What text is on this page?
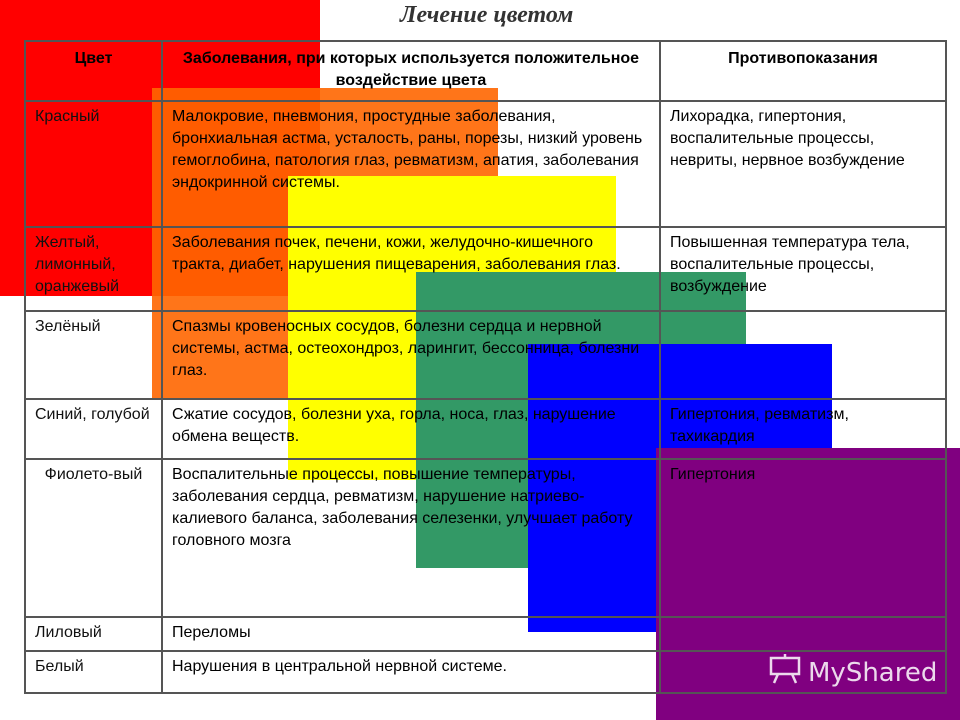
Лечение цветом
Цвет	Заболевания, при которых используется положительное воздействие цвета	Противопоказания
Красный	Малокровие, пневмония, простудные заболевания, бронхиальная астма, усталость, раны, порезы, низкий уровень гемоглобина, патология глаз, ревматизм, апатия, заболевания эндокринной системы.	Лихорадка, гипертония, воспалительные процессы, невриты, нервное возбуждение
Желтый, лимонный, оранжевый	Заболевания почек, печени, кожи, желудочно-кишечного тракта, диабет, нарушения пищеварения, заболевания глаз.	Повышенная температура тела, воспалительные процессы, возбуждение
Зелёный	Спазмы кровеносных сосудов, болезни сердца и нервной системы, астма, остеохондроз, ларингит, бессонница, болезни глаз.	
Синий, голубой	Сжатие сосудов, болезни уха, горла, носа, глаз, нарушение обмена веществ.	Гипертония, ревматизм, тахикардия
Фиолето-вый	Воспалительные процессы, повышение температуры, заболевания сердца, ревматизм, нарушение натриево-калиевого баланса, заболевания селезенки, улучшает работу головного мозга	Гипертония
Лиловый	Переломы	
Белый	Нарушения в центральной нервной системе.		MyShared
